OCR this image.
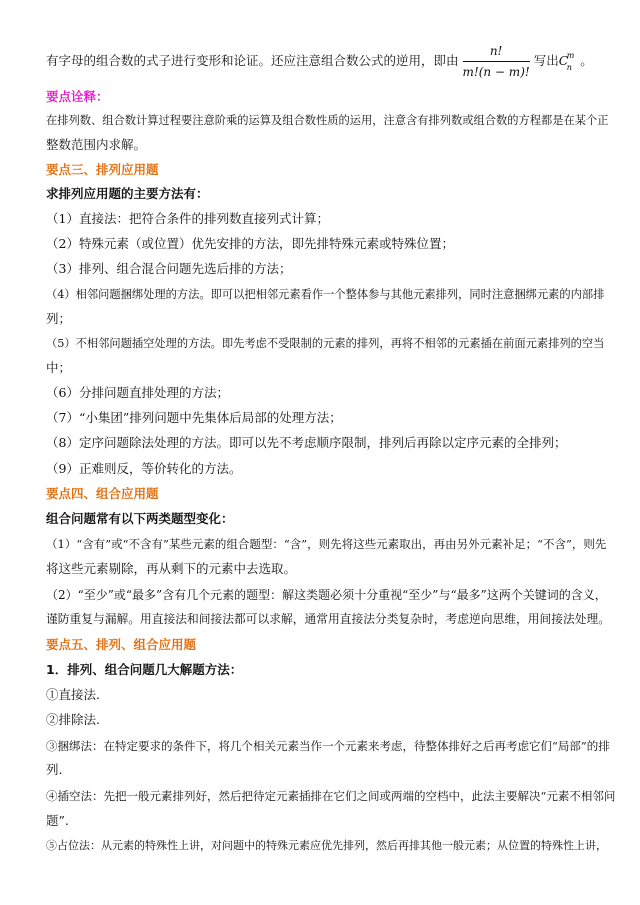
有字母的组合数的式子进行变形和论证。还应注意组合数公式的逆用，即由 $\frac{n!}{m!(n - m)!}$ 写出C
m
n 。
要点诠释：
在排列数、组合数计算过程要注意阶乘的运算及组合数性质的运用，注意含有排列数或组合数的方程都是在某个正
整数范围内求解。
要点三、排列应用题
求排列应用题的主要方法有：
（1）直接法：把符合条件的排列数直接列式计算；
（2）特殊元素（或位置）优先安排的方法，即先排特殊元素或特殊位置；
（3）排列、组合混合问题先选后排的方法；
（4）相邻问题捆绑处理的方法。即可以把相邻元素看作一个整体参与其他元素排列，同时注意捆绑元素的内部排
列；
（5）不相邻问题插空处理的方法。即先考虑不受限制的元素的排列，再将不相邻的元素插在前面元素排列的空当
中；
（6）分排问题直排处理的方法；
（7）“小集团”排列问题中先集体后局部的处理方法；
（8）定序问题除法处理的方法。即可以先不考虑顺序限制，排列后再除以定序元素的全排列；
（9）正难则反，等价转化的方法。
要点四、组合应用题
组合问题常有以下两类题型变化：
（1）“含有”或“不含有”某些元素的组合题型：“含”，则先将这些元素取出，再由另外元素补足；“不含”，则先
将这些元素剔除，再从剩下的元素中去选取。
（2）“至少”或“最多”含有几个元素的题型：解这类题必须十分重视“至少”与“最多”这两个关键词的含义，
谨防重复与漏解。用直接法和间接法都可以求解，通常用直接法分类复杂时，考虑逆向思维，用间接法处理。
要点五、排列、组合应用题
1．排列、组合问题几大解题方法：
①直接法.
②排除法.
③捆绑法：在特定要求的条件下，将几个相关元素当作一个元素来考虑，待整体排好之后再考虑它们“局部”的排
列.
④插空法：先把一般元素排列好，然后把待定元素插排在它们之间或两端的空档中，此法主要解决“元素不相邻问
题”.
⑤占位法：从元素的特殊性上讲，对问题中的特殊元素应优先排列，然后再排其他一般元素；从位置的特殊性上讲，
